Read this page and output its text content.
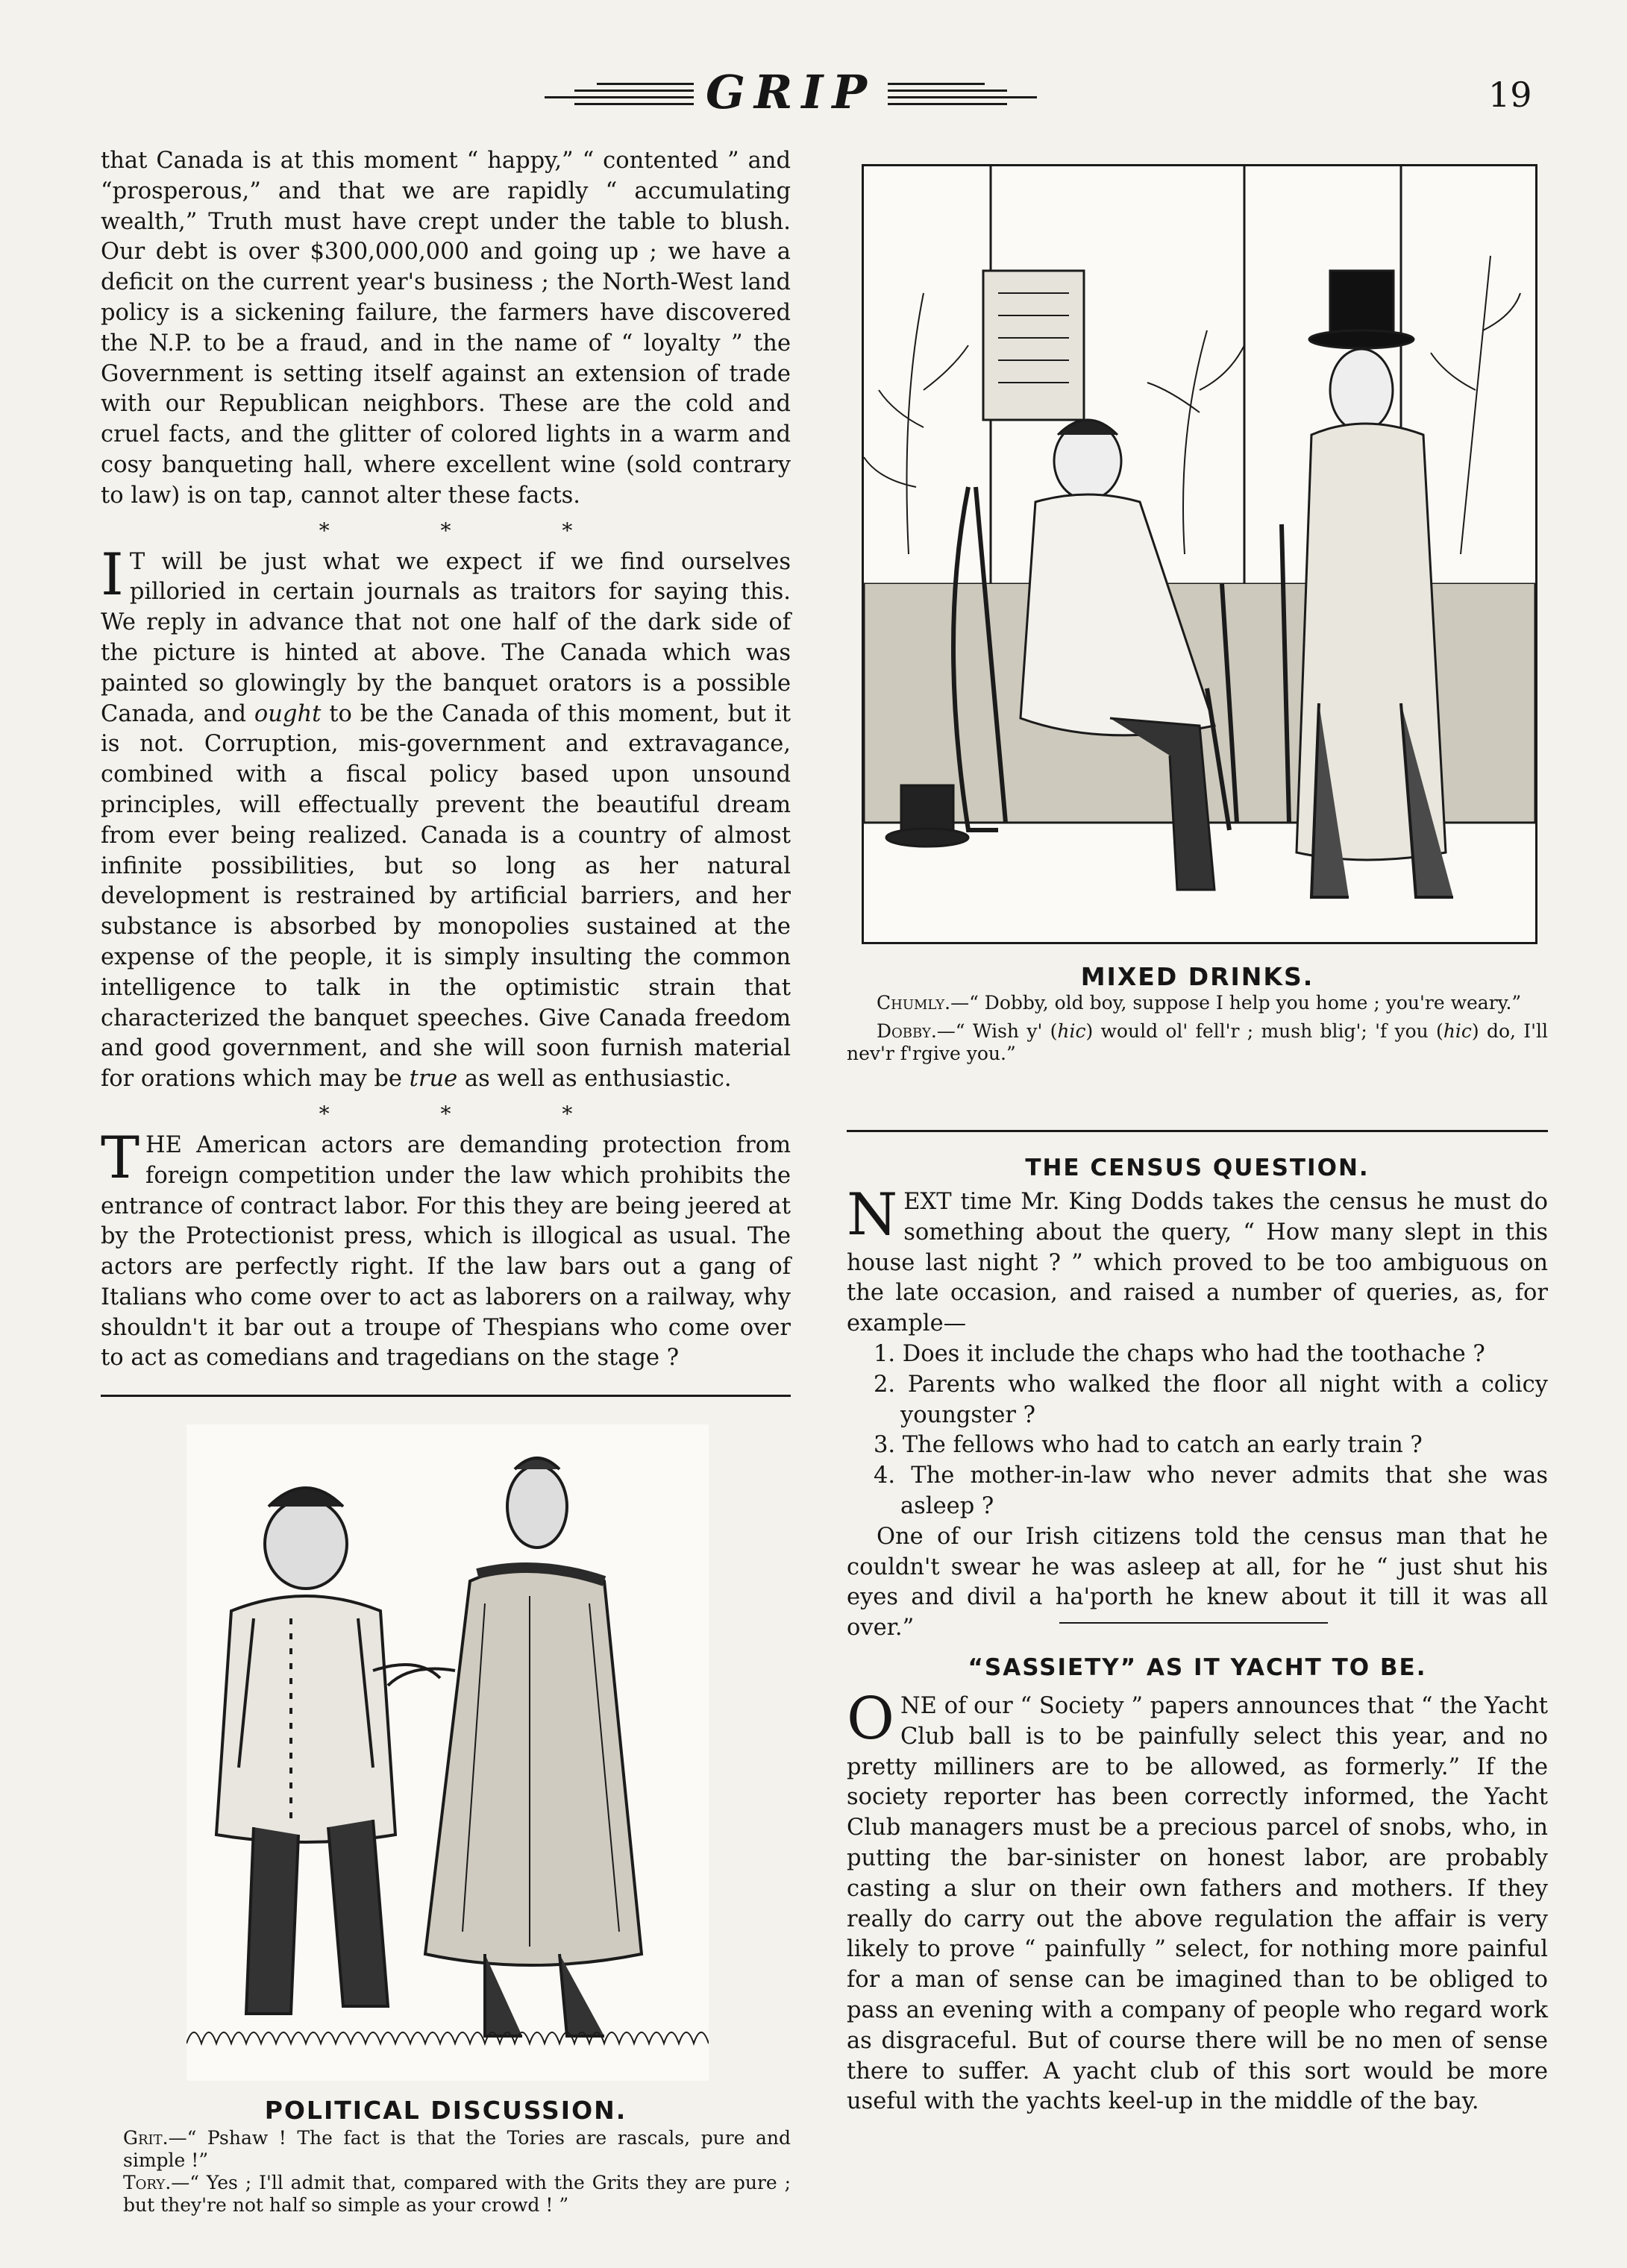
GRIP	19

that Canada is at this moment “ happy,” “ contented ” and “prosperous,” and that we are rapidly “ accumulating wealth,” Truth must have crept under the table to blush. Our debt is over $300,000,000 and going up ; we have a deficit on the current year's business ; the North-West land policy is a sickening failure, the farmers have discovered the N.P. to be a fraud, and in the name of “ loyalty ” the Government is setting itself against an extension of trade with our Republican neighbors. These are the cold and cruel facts, and the glitter of colored lights in a warm and cosy banqueting hall, where excellent wine (sold contrary to law) is on tap, cannot alter these facts.

* * *

IT will be just what we expect if we find ourselves pilloried in certain journals as traitors for saying this. We reply in advance that not one half of the dark side of the picture is hinted at above. The Canada which was painted so glowingly by the banquet orators is a possible Canada, and ought to be the Canada of this moment, but it is not. Corruption, mis-government and extravagance, combined with a fiscal policy based upon unsound principles, will effectually prevent the beautiful dream from ever being realized. Canada is a country of almost infinite possibilities, but so long as her natural development is restrained by artificial barriers, and her substance is absorbed by monopolies sustained at the expense of the people, it is simply insulting the common intelligence to talk in the optimistic strain that characterized the banquet speeches. Give Canada freedom and good government, and she will soon furnish material for orations which may be true as well as enthusiastic.

* * *

THE American actors are demanding protection from foreign competition under the law which prohibits the entrance of contract labor. For this they are being jeered at by the Protectionist press, which is illogical as usual. The actors are perfectly right. If the law bars out a gang of Italians who come over to act as laborers on a railway, why shouldn't it bar out a troupe of Thespians who come over to act as comedians and tragedians on the stage ?

POLITICAL DISCUSSION.
Grit.—“ Pshaw ! The fact is that the Tories are rascals, pure and simple !”
Tory.—“ Yes ; I'll admit that, compared with the Grits they are pure ; but they're not half so simple as your crowd ! ”
MIXED DRINKS.
Chumly.—“ Dobby, old boy, suppose I help you home ; you're weary.”
Dobby.—“ Wish y' (hic) would ol' fell'r ; mush blig'; 'f you (hic) do, I'll nev'r f'rgive you.”
THE CENSUS QUESTION.

NEXT time Mr. King Dodds takes the census he must do something about the query, “ How many slept in this house last night ? ” which proved to be too ambiguous on the late occasion, and raised a number of queries, as, for example—

1. Does it include the chaps who had the toothache ?

2. Parents who walked the floor all night with a colicy youngster ?

3. The fellows who had to catch an early train ?

4. The mother-in-law who never admits that she was asleep ?

One of our Irish citizens told the census man that he couldn't swear he was asleep at all, for he “ just shut his eyes and divil a ha'porth he knew about it till it was all over.”

“SASSIETY” AS IT YACHT TO BE.

ONE of our “ Society ” papers announces that “ the Yacht Club ball is to be painfully select this year, and no pretty milliners are to be allowed, as formerly.” If the society reporter has been correctly informed, the Yacht Club managers must be a precious parcel of snobs, who, in putting the bar-sinister on honest labor, are probably casting a slur on their own fathers and mothers. If they really do carry out the above regulation the affair is very likely to prove “ painfully ” select, for nothing more painful for a man of sense can be imagined than to be obliged to pass an evening with a company of people who regard work as disgraceful. But of course there will be no men of sense there to suffer. A yacht club of this sort would be more useful with the yachts keel-up in the middle of the bay.
